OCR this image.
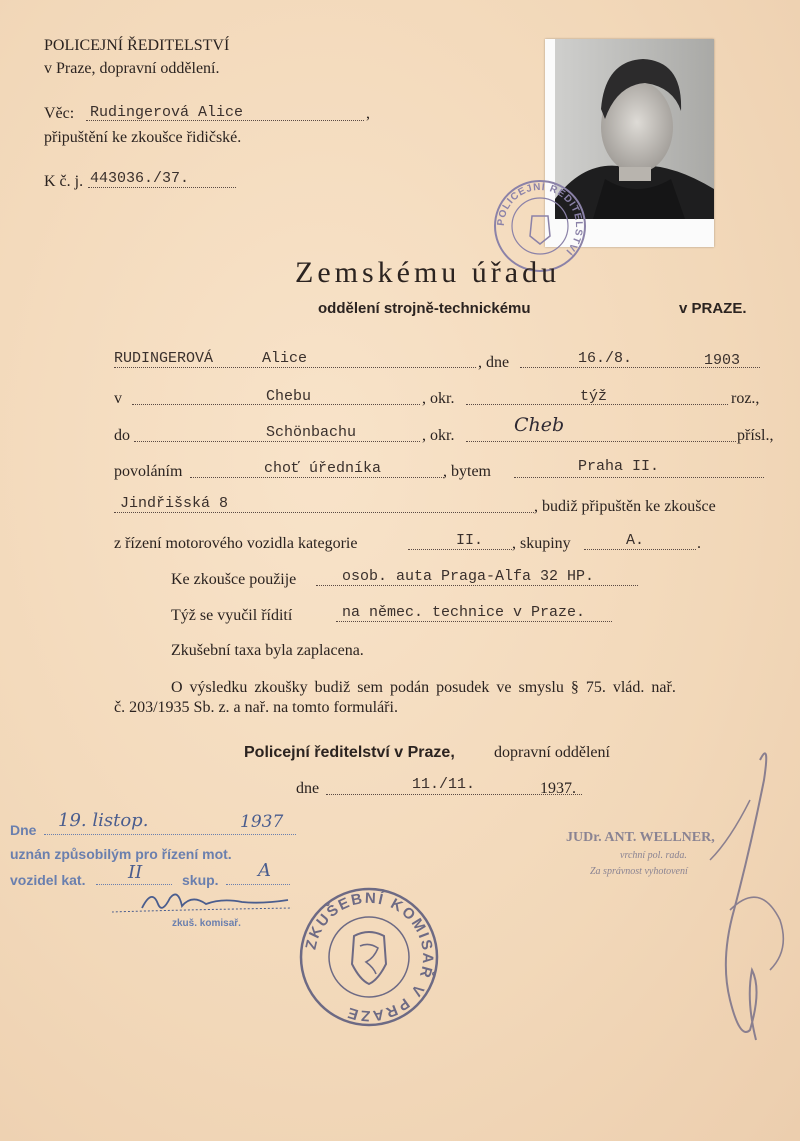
POLICEJNÍ ŘEDITELSTVÍ
v Praze, dopravní oddělení.
Věc: Rudingerová Alice	,
připuštění ke zkoušce řidičské.
K č. j. 443036./37.
POLICEJNÍ ŘEDITELSTVÍ
Zemskému úřadu
oddělení strojně-technickému	v PRAZE.
RUDINGEROVÁ	Alice	, dne	16./8.	1903
v	Chebu	, okr.	týž	roz.,
do	Schönbachu	, okr.	Cheb	přísl.,
povoláním	choť úředníka	, bytem	Praha II.
Jindřišská 8	, budiž připuštěn ke zkoušce
z řízení motorového vozidla kategorie	II. , skupiny	A.	.
Ke zkoušce použije	osob. auta Praga-Alfa 32 HP.
Týž se vyučil řídití	na němec. technice v Praze.
Zkušební taxa byla zaplacena.
O výsledku zkoušky budiž sem podán posudek ve smyslu § 75. vlád. nař.
č. 203/1935 Sb. z. a nař. na tomto formuláři.
Policejní ředitelství v Praze, dopravní oddělení
dne	11./11.	1937.
JUDr. ANT. WELLNER,
vrchní pol. rada.
Za správnost vyhotovení
Dne 19. listop.	1937
uznán způsobilým pro řízení mot.
vozidel kat. II	skup. A
zkuš. komisař.
ZKUŠEBNÍ KOMISAŘ V PRAZE
